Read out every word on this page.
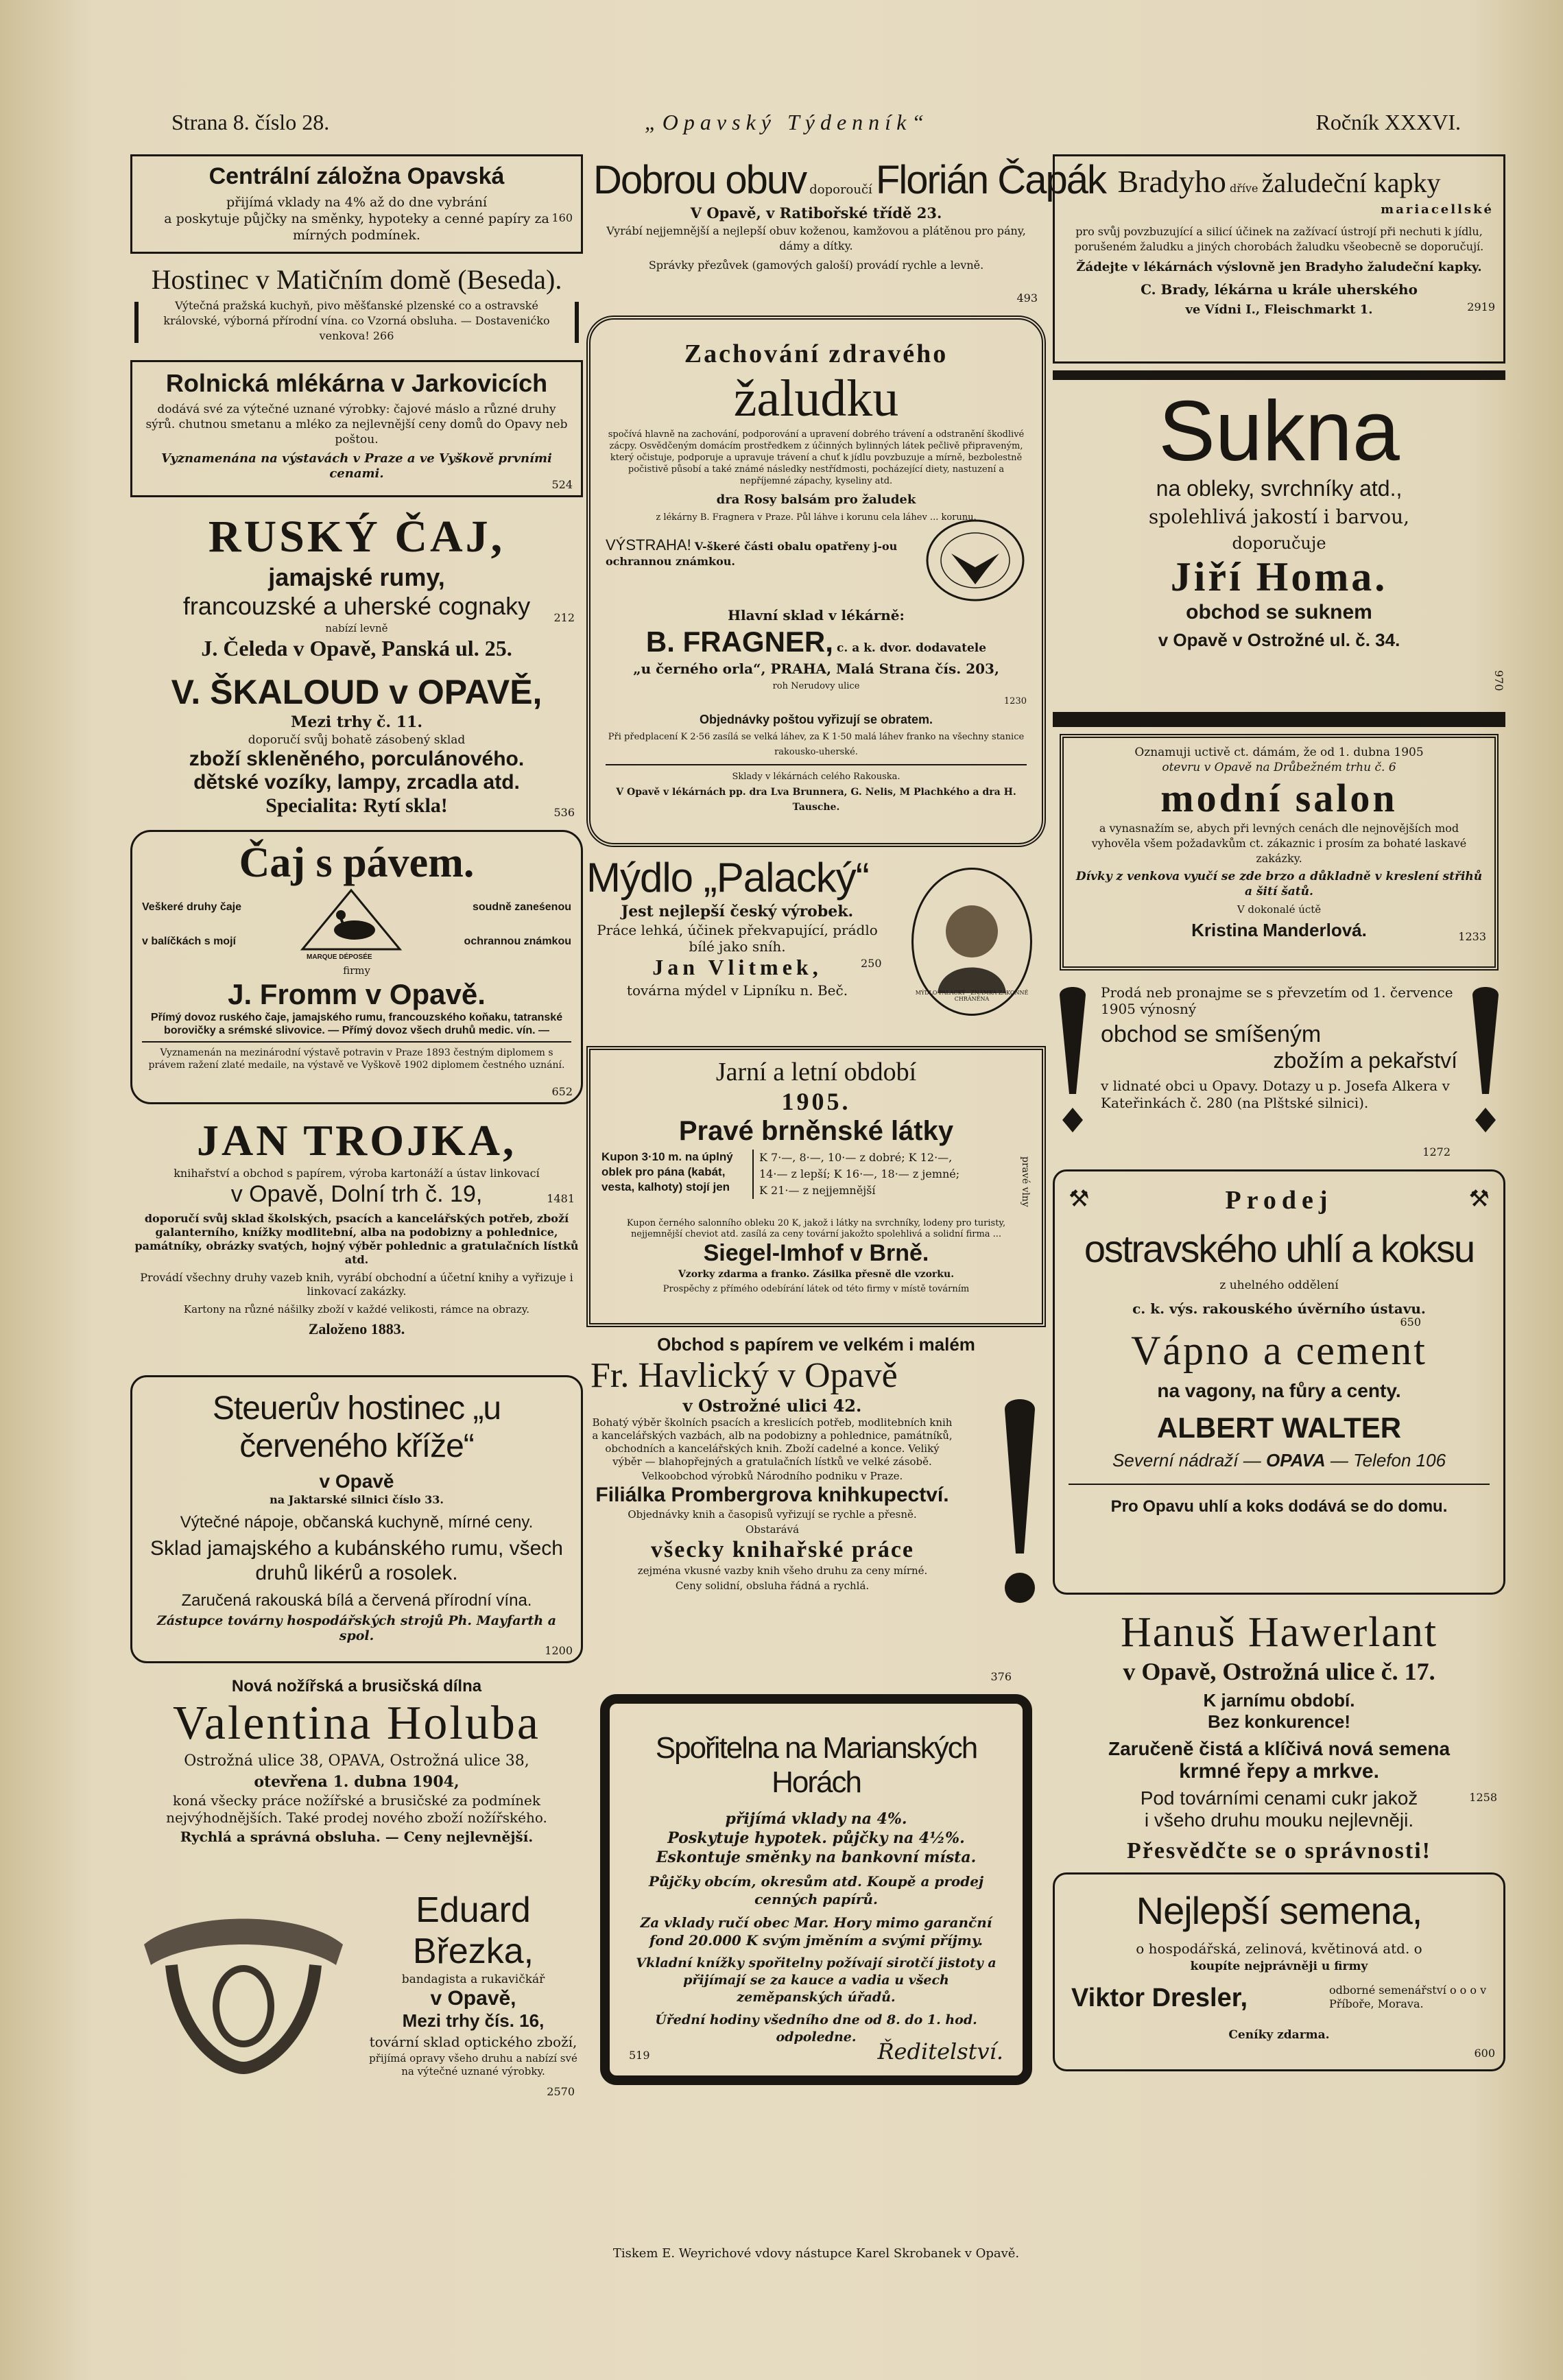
Strana 8. číslo 28.	„Opavský Týdenník“	Ročník XXXVI.
Centrální záložna Opavská
přijímá vklady na 4% až do dne vybrání
a poskytuje půjčky na směnky, hypoteky a cenné papíry za mírných podmínek.
160
Hostinec v Matičním domě (Beseda).
Výtečná pražská kuchyň, pivo měšťanské plzenské co a ostravské královské, výborná přírodní vína. co Vzorná obsluha. — Dostavenićko venkova! 266
Rolnická mlékárna v Jarkovicích
dodává své za výtečné uznané výrobky: čajové máslo a různé druhy sýrů. chutnou smetanu a mléko za nejlevnější ceny domů do Opavy neb poštou.
Vyznamenána na výstavách v Praze a ve Vyškově prvními cenami.
524
RUSKÝ ČAJ,
jamajské rumy,
francouzské a uherské cognaky
nabízí levně
212
J. Čeleda v Opavě, Panská ul. 25.
V. ŠKALOUD v OPAVĚ,
Mezi trhy č. 11.
doporučí svůj bohatě zásobený sklad
zboží skleněného, porculánového.
dětské vozíky, lampy, zrcadla atd.
Specialita: Rytí skla!	536
Čaj s pávem.
Veškeré druhy čaje	soudně zaneśenou
v balíčkách s mojí	ochrannou známkou
MARQUE DÉPOSÉE
firmy
J. Fromm v Opavě.
Přímý dovoz ruského čaje, jamajského rumu, francouzského koňaku, tatranské borovičky a srémské slivovice. — Přímý dovoz všech druhů medic. vín. —
Vyznamenán na mezinárodní výstavě potravin v Praze 1893 čestným diplomem s právem ražení zlaté medaile, na výstavě ve Vyškově 1902 diplomem čestného uznání.
652
JAN TROJKA,
knihařství a obchod s papírem, výroba kartonáží a ústav linkovací
v Opavě, Dolní trh č. 19,	1481
doporučí svůj sklad školských, psacích a kancelářských potřeb, zboží galanterního, knížky modlitební, alba na podobizny a pohlednice, památníky, obrázky svatých, hojný výběr pohlednic a gratulačních lístků atd.
Provádí všechny druhy vazeb knih, vyrábí obchodní a účetní knihy a vyřizuje i linkovací zakázky.
Kartony na různé nášilky zboží v každé velikosti, rámce na obrazy.
Založeno 1883.
Steuerův hostinec „u červeného kříže“
v Opavě
na Jaktarské silnici číslo 33.
Výtečné nápoje, občanská kuchyně, mírné ceny.
Sklad jamajského a kubánského rumu, všech druhů likérů a rosolek.
Zaručená rakouská bílá a červená přírodní vína.
Zástupce továrny hospodářských strojů Ph. Mayfarth a spol.
1200
Nová nožířská a brusičská dílna
Valentina Holuba
Ostrožná ulice 38, OPAVA, Ostrožná ulice 38,
otevřena 1. dubna 1904,
koná všecky práce nožířské a brusičské za podmínek nejvýhodnějších. Také prodej nového zboží nožířského.
Rychlá a správná obsluha. — Ceny nejlevnější.
Eduard Březka,
bandagista a rukavičkář
v Opavě,
Mezi trhy čís. 16,
tovární sklad optického zboží,
přijímá opravy všeho druhu a nabízí své na výtečné uznané výrobky.
2570
Dobrou obuv doporoučí Florián Čapák
V Opavě, v Ratibořské třídě 23.
Vyrábí nejjemnější a nejlepší obuv koženou, kamžovou a plátěnou pro pány, dámy a dítky.
Správky přezůvek (gamových galoší) provádí rychle a levně.
493
Zachování zdravého
žaludku
spočívá hlavně na zachování, podporování a upravení dobrého trávení a odstranění škodlivé zácpy. Osvědčeným domácím prostředkem z účinných bylinných látek pečlivě připraveným, který očistuje, podporuje a upravuje trávení a chuť k jídlu povzbuzuje a mírně, bezbolestně počistivě působí a také známé následky nestřídmosti, pocházející diety, nastuzení a nepříjemné zápachy, kyseliny atd.
dra Rosy balsám pro žaludek
z lékárny B. Fragnera v Praze. Půl láhve i korunu cela láhev ... korunu.
VÝSTRAHA! V-škeré části obalu opatřeny j-ou ochrannou známkou.
Hlavní sklad v lékárně:
B. FRAGNER, c. a k. dvor. dodavatele
„u černého orla“, PRAHA, Malá Strana čís. 203,
roh Nerudovy ulice
1230
Objednávky poštou vyřizují se obratem.
Při předplacení K 2·56 zasílá se velká láhev, za K 1·50 malá láhev franko na všechny stanice rakousko-uherské.
Sklady v lékárnách celého Rakouska.
V Opavě v lékárnách pp. dra Lva Brunnera, G. Nelis, M Plachkého a dra H. Tausche.
Mýdlo „Palacký“
Jest nejlepší český výrobek.
Práce lehká, účinek překvapující, prádlo bílé jako sníh.
Jan Vlitmek,
továrna mýdel v Lipníku n. Beč.
250
MÝDLO PALACKÝ · ZNÁMKA ZÁKONNĚ CHRÁNĚNA
Jarní a letní období
1905.
Pravé brněnské látky
Kupon 3·10 m. na úplný oblek pro pána (kabát, vesta, kalhoty) stojí jen
K 7·—, 8·—, 10·— z dobré; K 12·—, 14·— z lepší; K 16·—, 18·— z jemné; K 21·— z nejjemnější	pravé vlny
Kupon černého salonního obleku 20 K, jakož i látky na svrchníky, lodeny pro turisty, nejjemnější cheviot atd. zasílá za ceny tovární jakožto spolehlivá a solidní firma ...
Siegel-Imhof v Brně.
Vzorky zdarma a franko. Zásilka přesně dle vzorku.
Prospěchy z přímého odebírání látek od této firmy v místě továrním
Obchod s papírem ve velkém i malém
Fr. Havlický v Opavě
v Ostrožné ulici 42.
Bohatý výběr školních psacích a kreslicích potřeb, modlitebních knih a kancelářských vazbách, alb na podobizny a pohlednice, památníků, obchodních a kancelářských knih. Zboží cadelné a konce. Veliký výběr — blahopřejných a gratulačních lístků ve velké zásobě.
Velkoobchod výrobků Národního podniku v Praze.
Filiálka Prombergrova knihkupectví.
Objednávky knih a časopisů vyřizují se rychle a přesně.
Obstarává
všecky knihařské práce
zejména vkusné vazby knih všeho druhu za ceny mírné.
Ceny solidní, obsluha řádná a rychlá.
376
Spořitelna na Marianských Horách
přijímá vklady na 4%.
Poskytuje hypotek. půjčky na 4½%.
Eskontuje směnky na bankovní místa.
Půjčky obcím, okresům atd. Koupě a prodej cenných papírů.
Za vklady ručí obec Mar. Hory mimo garanční fond 20.000 K svým jměním a svými příjmy.
Vkladní knížky spořitelny požívají sirotčí jistoty a přijímají se za kauce a vadia u všech zeměpanských úřadů.
Úřední hodiny všedního dne od 8. do 1. hod. odpoledne.
519	Ředitelství.
Bradyho dříve žaludeční kapky
mariacellské
pro svůj povzbuzující a silicí účinek na zažívací ústrojí při nechuti k jídlu, porušeném žaludku a jiných chorobách žaludku všeobecně se doporučují.
Žádejte v lékárnách výslovně jen Bradyho žaludeční kapky.
2919
C. Brady, lékárna u krále uherského
ve Vídni I., Fleischmarkt 1.
Sukna
na obleky, svrchníky atd.,
spolehlivá jakostí i barvou,
doporučuje
Jiří Homa.
obchod se suknem
v Opavě v Ostrožné ul. č. 34.
970
Oznamuji uctivě ct. dámám, že od 1. dubna 1905
otevru v Opavě na Drůbežném trhu č. 6
modní salon
a vynasnažím se, abych při levných cenách dle nejnovějších mod vyhověla všem požadavkům ct. zákaznic i prosím za bohaté laskavé zakázky.
Dívky z venkova vyučí se zde brzo a důkladně v kreslení střihů a šití šatů.
V dokonalé úctě
1233
Kristina Manderlová.
Prodá neb pronajme se s převzetím od 1. července 1905 výnosný
obchod se smíšeným
zbožím a pekařství
v lidnaté obci u Opavy. Dotazy u p. Josefa Alkera v Kateřinkách č. 280 (na Plštské silnici).
1272
⚒	⚒
Prodej
ostravského uhlí a koksu
z uhelného oddělení
650
c. k. výs. rakouského úvěrního ústavu.
Vápno a cement
na vagony, na fůry a centy.
ALBERT WALTER
Severní nádraží — OPAVA — Telefon 106
Pro Opavu uhlí a koks dodává se do domu.
Hanuš Hawerlant
v Opavě, Ostrožná ulice č. 17.
K jarnímu období.
Bez konkurence!
Zaručeně čistá a klíčivá nová semena
krmné řepy a mrkve.
Pod továrními cenami cukr jakož
i všeho druhu mouku nejlevněji.
1258
Přesvědčte se o správnosti!
Nejlepší semena,
o hospodářská, zelinová, květinová atd. o
koupíte nejprávněji u firmy
Viktor Dresler,	odborné semenářství o o o v Příboře, Morava.
Ceníky zdarma.
600
Tiskem E. Weyrichové vdovy nástupce Karel Skrobanek v Opavě.
